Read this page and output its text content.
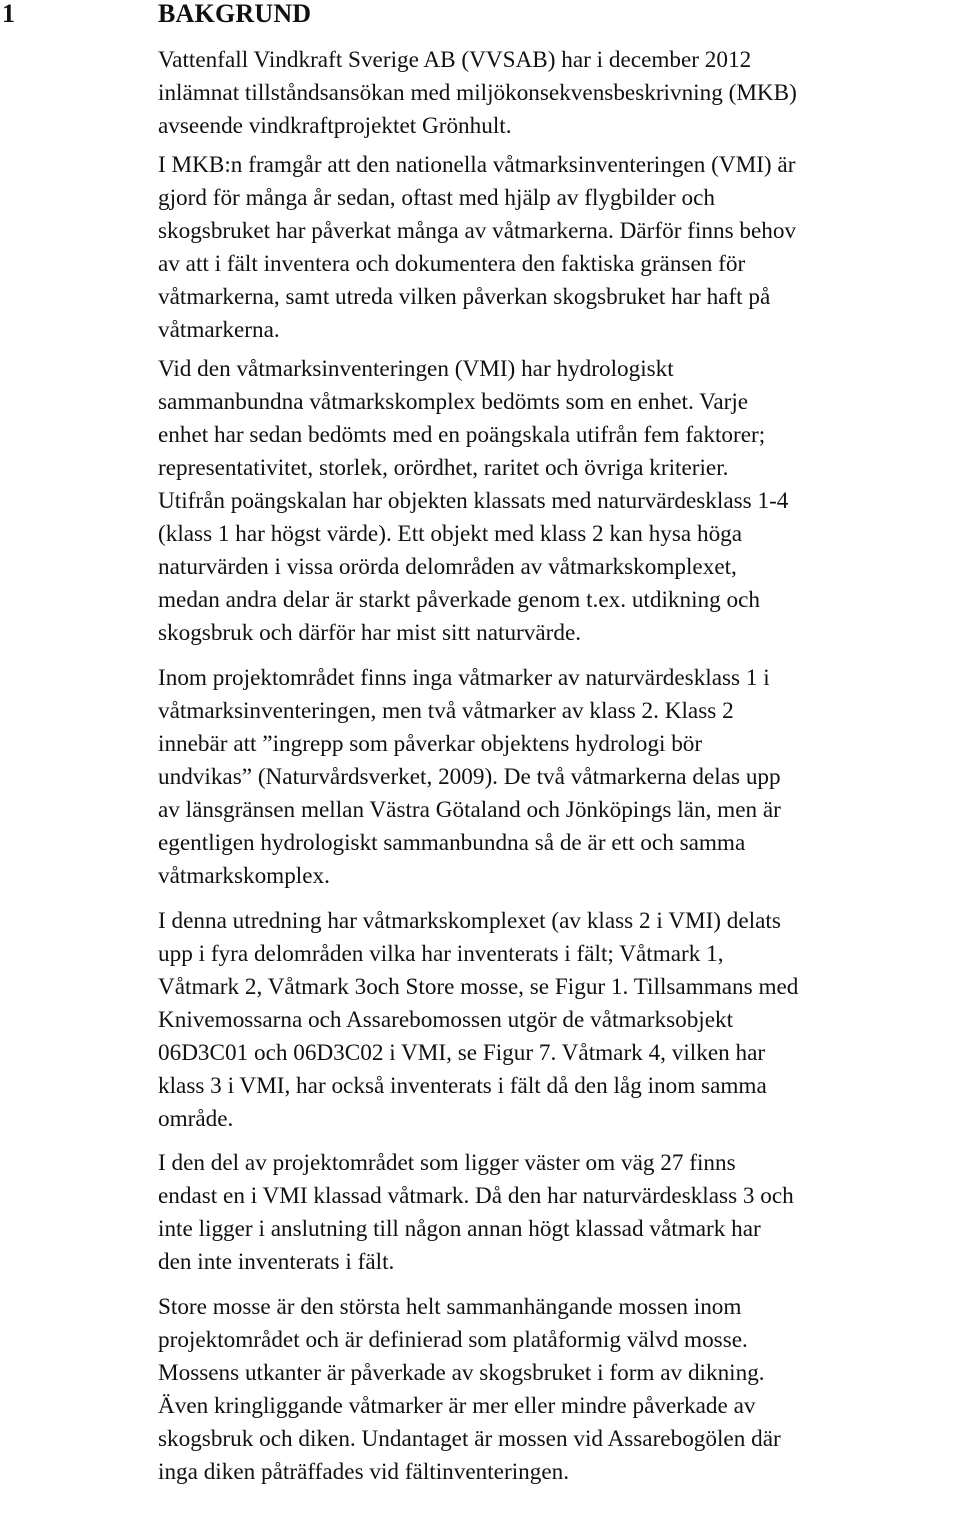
1	BAKGRUND
Vattenfall Vindkraft Sverige AB (VVSAB) har i december 2012
inlämnat tillståndsansökan med miljökonsekvensbeskrivning (MKB)
avseende vindkraftprojektet Grönhult.
I MKB:n framgår att den nationella våtmarksinventeringen (VMI) är
gjord för många år sedan, oftast med hjälp av flygbilder och
skogsbruket har påverkat många av våtmarkerna. Därför finns behov
av att i fält inventera och dokumentera den faktiska gränsen för
våtmarkerna, samt utreda vilken påverkan skogsbruket har haft på
våtmarkerna.
Vid den våtmarksinventeringen (VMI) har hydrologiskt
sammanbundna våtmarkskomplex bedömts som en enhet. Varje
enhet har sedan bedömts med en poängskala utifrån fem faktorer;
representativitet, storlek, orördhet, raritet och övriga kriterier.
Utifrån poängskalan har objekten klassats med naturvärdesklass 1-4
(klass 1 har högst värde). Ett objekt med klass 2 kan hysa höga
naturvärden i vissa orörda delområden av våtmarkskomplexet,
medan andra delar är starkt påverkade genom t.ex. utdikning och
skogsbruk och därför har mist sitt naturvärde.
Inom projektområdet finns inga våtmarker av naturvärdesklass 1 i
våtmarksinventeringen, men två våtmarker av klass 2. Klass 2
innebär att ”ingrepp som påverkar objektens hydrologi bör
undvikas” (Naturvårdsverket, 2009). De två våtmarkerna delas upp
av länsgränsen mellan Västra Götaland och Jönköpings län, men är
egentligen hydrologiskt sammanbundna så de är ett och samma
våtmarkskomplex.
I denna utredning har våtmarkskomplexet (av klass 2 i VMI) delats
upp i fyra delområden vilka har inventerats i fält; Våtmark 1,
Våtmark 2, Våtmark 3och Store mosse, se Figur 1. Tillsammans med
Knivemossarna och Assarebomossen utgör de våtmarksobjekt
06D3C01 och 06D3C02 i VMI, se Figur 7. Våtmark 4, vilken har
klass 3 i VMI, har också inventerats i fält då den låg inom samma
område.
I den del av projektområdet som ligger väster om väg 27 finns
endast en i VMI klassad våtmark. Då den har naturvärdesklass 3 och
inte ligger i anslutning till någon annan högt klassad våtmark har
den inte inventerats i fält.
Store mosse är den största helt sammanhängande mossen inom
projektområdet och är definierad som platåformig välvd mosse.
Mossens utkanter är påverkade av skogsbruket i form av dikning.
Även kringliggande våtmarker är mer eller mindre påverkade av
skogsbruk och diken. Undantaget är mossen vid Assarebogölen där
inga diken påträffades vid fältinventeringen.
